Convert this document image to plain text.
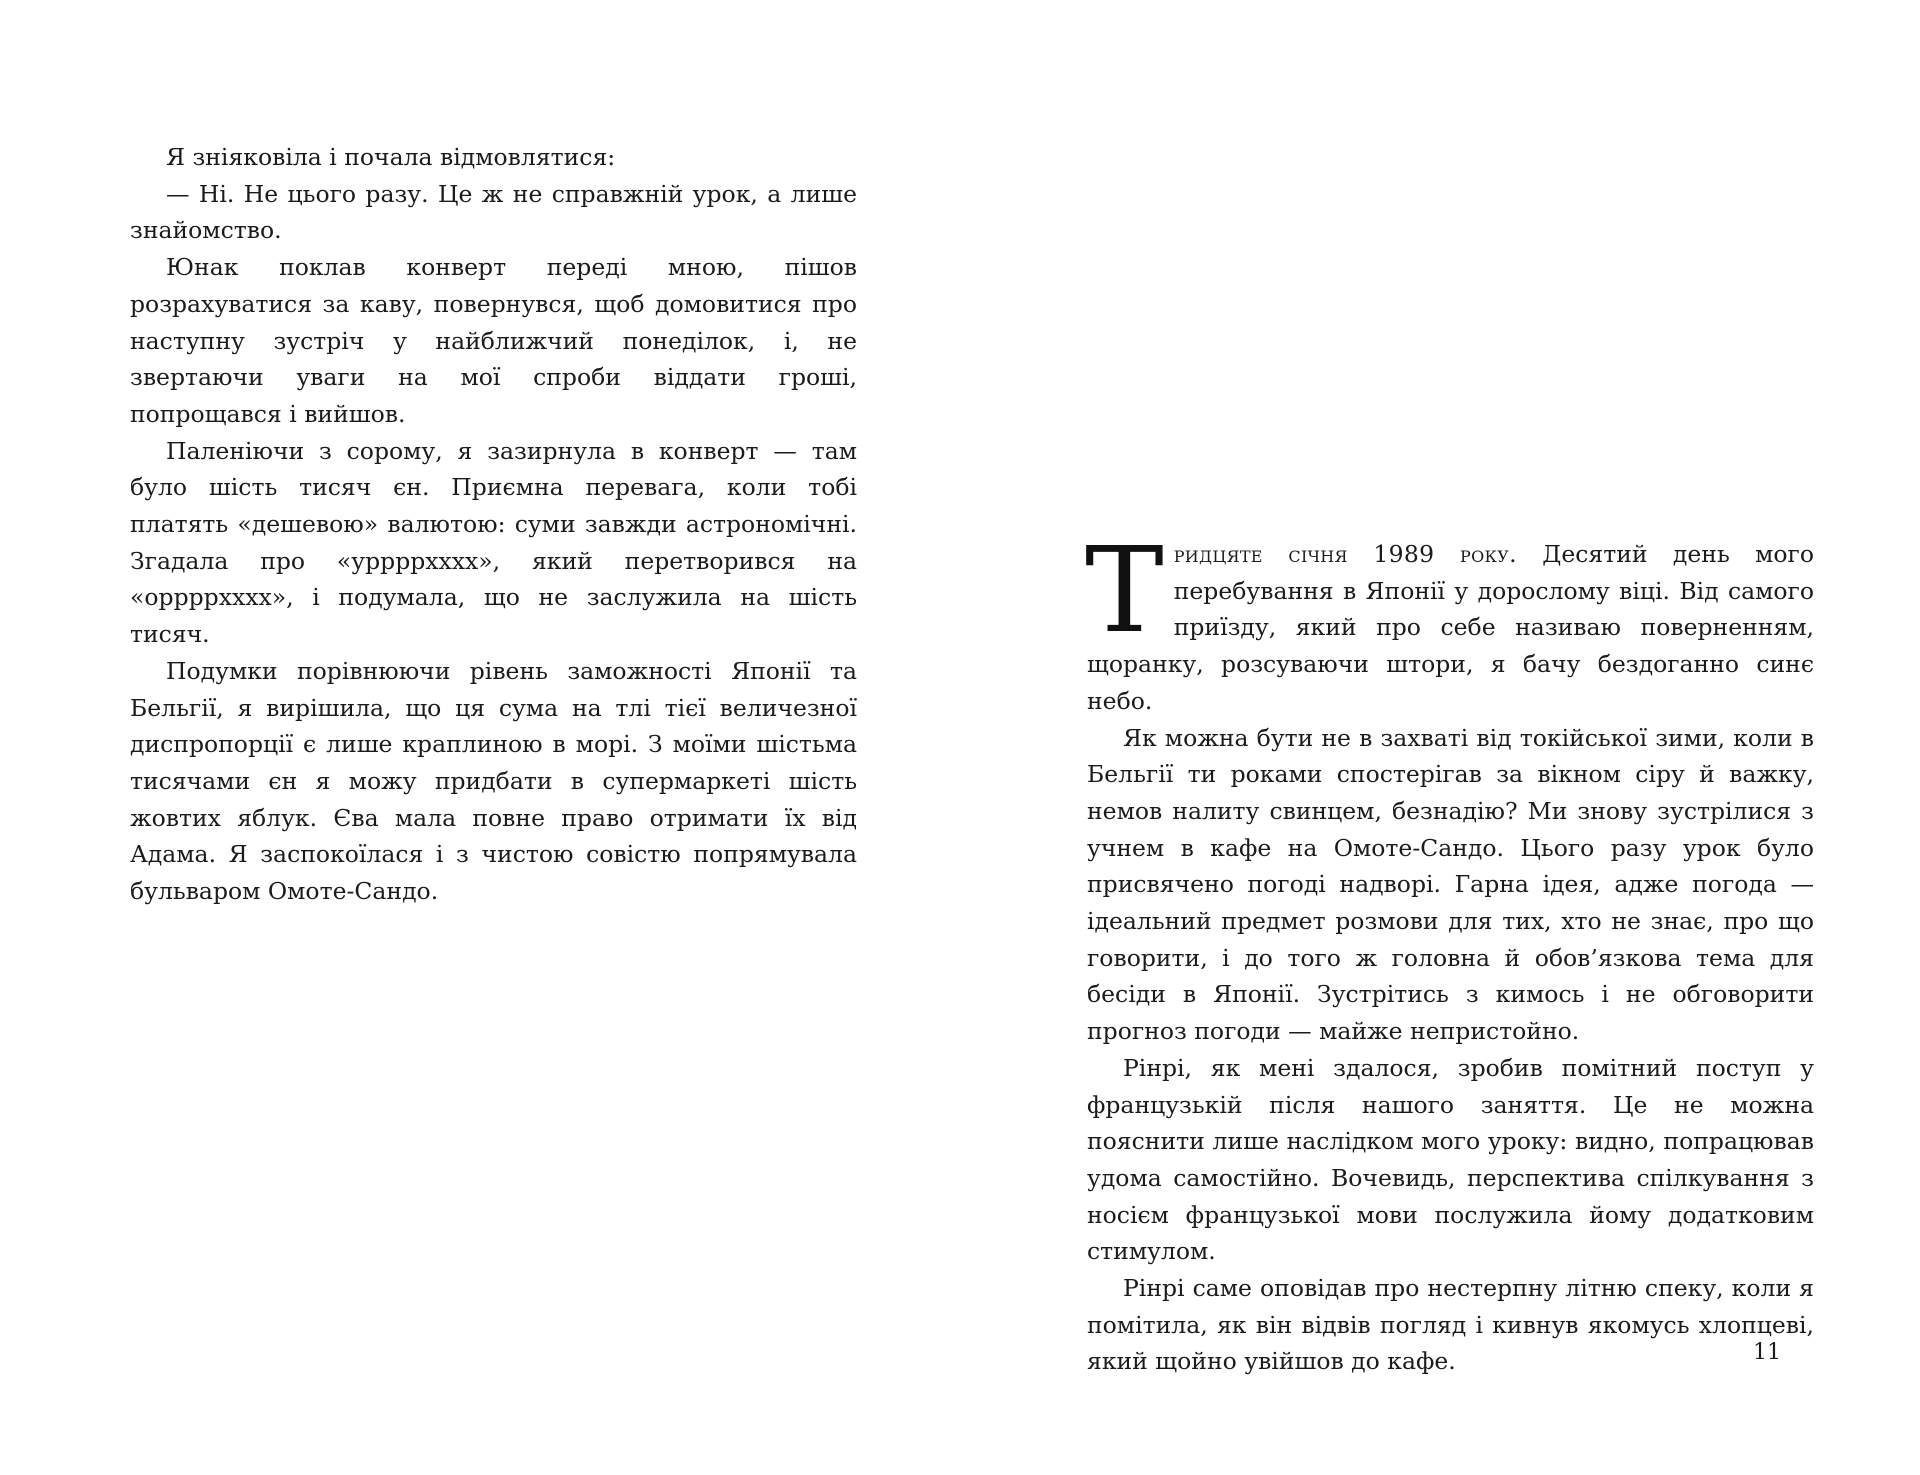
Я зніяковіла і почала відмовлятися:

— Ні. Не цього разу. Це ж не справжній урок, а лише знайомство.

Юнак поклав конверт переді мною, пішов розрахуватися за каву, повернувся, щоб домовитися про наступну зустріч у найближчий понеділок, і, не звертаючи уваги на мої спроби віддати гроші, попрощався і вийшов.

Паленіючи з сорому, я зазирнула в конверт — там було шість тисяч єн. Приємна перевага, коли тобі платять «дешевою» валютою: суми завжди астрономічні. Згадала про «урррpхххх», який перетворився на «орррpхххх», і подумала, що не заслужила на шість тисяч.

Подумки порівнюючи рівень заможності Японії та Бельгії, я вирішила, що ця сума на тлі тієї величезної диспропорції є лише краплиною в морі. З моїми шістьма тисячами єн я можу придбати в супермаркеті шість жовтих яблук. Єва мала повне право отримати їх від Адама. Я заспокоїлася і з чистою совістю попрямувала бульваром Омоте-Сандо.

Т ридцяте січня 1989 року. Десятий день мого перебування в Японії у дорослому віці. Від самого приїзду, який про себе називаю поверненням, щоранку, розсуваючи штори, я бачу бездоганно синє небо.

Як можна бути не в захваті від токійської зими, коли в Бельгії ти роками спостерігав за вікном сіру й важку, немов налиту свинцем, безнадію? Ми знову зустрілися з учнем в кафе на Омоте-Сандо. Цього разу урок було присвячено погоді надворі. Гарна ідея, адже погода — ідеальний предмет розмови для тих, хто не знає, про що говорити, і до того ж головна й обов’язкова тема для бесіди в Японії. Зустрітись з кимось і не обговорити прогноз погоди — майже непристойно.

Рінрі, як мені здалося, зробив помітний поступ у французькій після нашого заняття. Це не можна пояснити лише наслідком мого уроку: видно, попрацював удома самостійно. Вочевидь, перспектива спілкування з носієм французької мови послужила йому додатковим стимулом.

Рінрі саме оповідав про нестерпну літню спеку, коли я помітила, як він відвів погляд і кивнув якомусь хлопцеві, який щойно увійшов до кафе.	11
